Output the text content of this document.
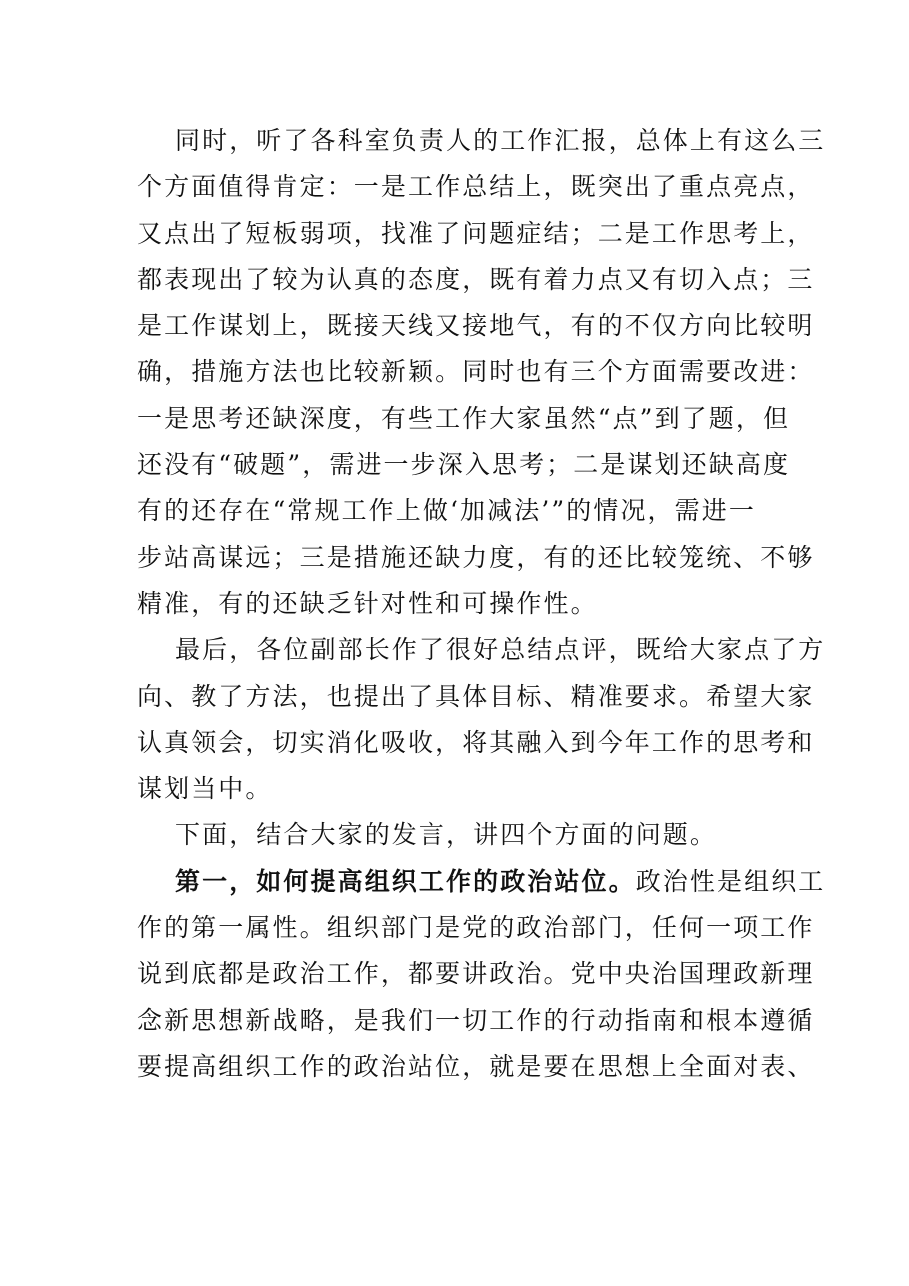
同时，听了各科室负责人的工作汇报，总体上有这么三
个方面值得肯定：一是工作总结上，既突出了重点亮点，
又点出了短板弱项，找准了问题症结；二是工作思考上，
都表现出了较为认真的态度，既有着力点又有切入点；三
是工作谋划上，既接天线又接地气，有的不仅方向比较明
确，措施方法也比较新颖。同时也有三个方面需要改进：
一是思考还缺深度，有些工作大家虽然“点”到了题，但
还没有“破题”，需进一步深入思考；二是谋划还缺高度
有的还存在“常规工作上做‘加减法’”的情况，需进一
步站高谋远；三是措施还缺力度，有的还比较笼统、不够
精准，有的还缺乏针对性和可操作性。
最后，各位副部长作了很好总结点评，既给大家点了方
向、教了方法，也提出了具体目标、精准要求。希望大家
认真领会，切实消化吸收，将其融入到今年工作的思考和
谋划当中。
下面，结合大家的发言，讲四个方面的问题。
第一，如何提高组织工作的政治站位。政治性是组织工
作的第一属性。组织部门是党的政治部门，任何一项工作
说到底都是政治工作，都要讲政治。党中央治国理政新理
念新思想新战略，是我们一切工作的行动指南和根本遵循
要提高组织工作的政治站位，就是要在思想上全面对表、
